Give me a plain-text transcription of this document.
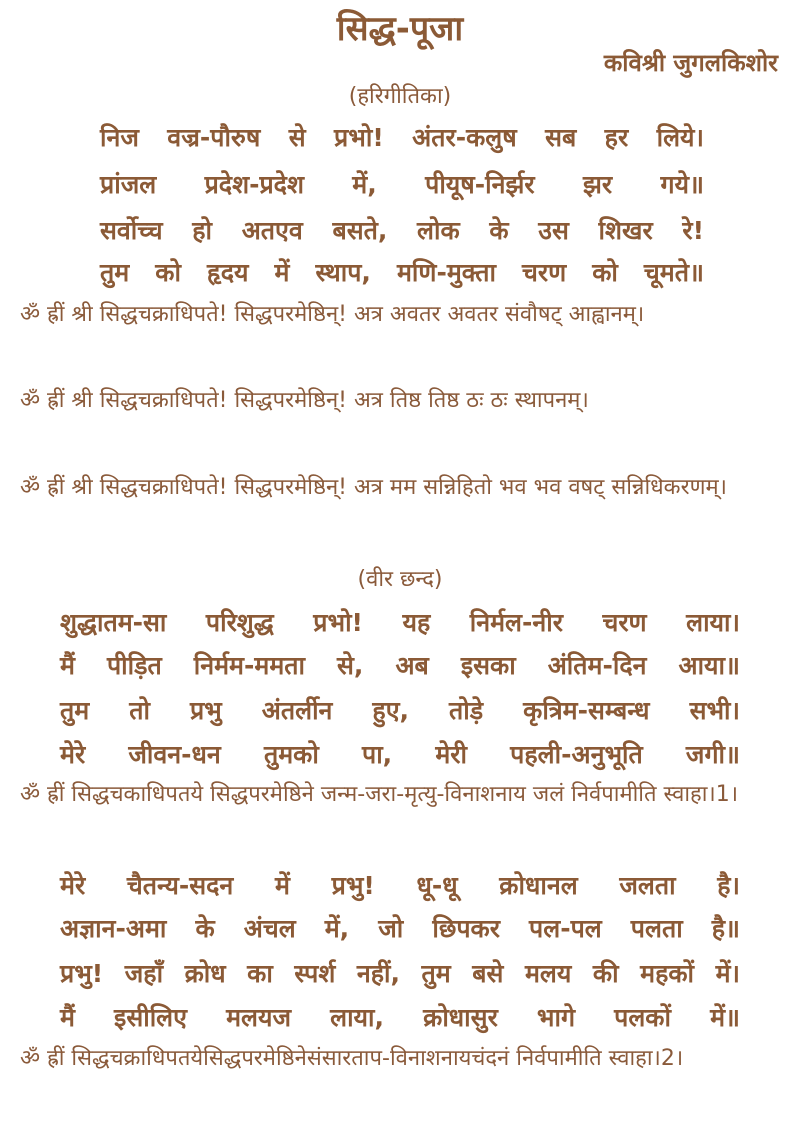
सिद्ध-पूजा
कविश्री जुगलकिशोर
(हरिगीतिका)
निज वज्र-पौरुष से प्रभो! अंतर-कलुष सब हर लिये।
प्रांजल प्रदेश-प्रदेश में, पीयूष-निर्झर झर गये॥
सर्वोच्च हो अतएव बसते, लोक के उस शिखर रे!
तुम को हृदय में स्थाप, मणि-मुक्ता चरण को चूमते॥
ॐ ह्रीं श्री सिद्धचक्राधिपते! सिद्धपरमेष्ठिन्! अत्र अवतर अवतर संवौषट् आह्वानम्।
ॐ ह्रीं श्री सिद्धचक्राधिपते! सिद्धपरमेष्ठिन्! अत्र तिष्ठ तिष्ठ ठः ठः स्थापनम्।
ॐ ह्रीं श्री सिद्धचक्राधिपते! सिद्धपरमेष्ठिन्! अत्र मम सन्निहितो भव भव वषट् सन्निधिकरणम्।
(वीर छन्द)
शुद्धातम-सा परिशुद्ध प्रभो! यह निर्मल-नीर चरण लाया।
मैं पीड़ित निर्मम-ममता से, अब इसका अंतिम-दिन आया॥
तुम तो प्रभु अंतर्लीन हुए, तोड़े कृत्रिम-सम्बन्ध सभी।
मेरे जीवन-धन तुमको पा, मेरी पहली-अनुभूति जगी॥
ॐ ह्रीं सिद्धचकाधिपतये सिद्धपरमेष्ठिने जन्म-जरा-मृत्यु-विनाशनाय जलं निर्वपामीति स्वाहा।1।
मेरे चैतन्य-सदन में प्रभु! धू-धू क्रोधानल जलता है।
अज्ञान-अमा के अंचल में, जो छिपकर पल-पल पलता है॥
प्रभु! जहाँ क्रोध का स्पर्श नहीं, तुम बसे मलय की महकों में।
मैं इसीलिए मलयज लाया, क्रोधासुर भागे पलकों में॥
ॐ ह्रीं सिद्धचक्राधिपतयेसिद्धपरमेष्ठिनेसंसारताप-विनाशनायचंदनं निर्वपामीति स्वाहा।2।
